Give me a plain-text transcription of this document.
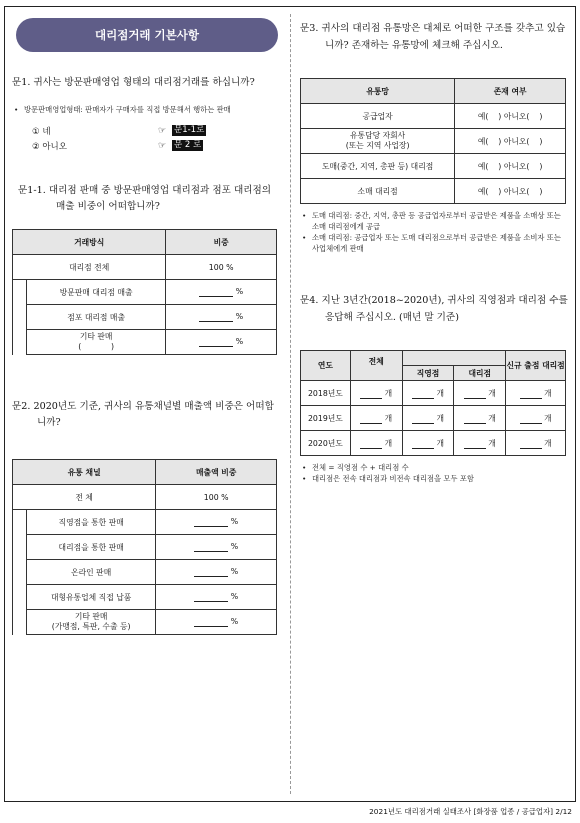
대리점거래 기본사항
문1. 귀사는 방문판매영업 형태의 대리점거래를 하십니까?
• 방문판매영업형태: 판매자가 구매자를 직접 방문해서 행하는 판매
① 네	☞ 문1-1로
② 아니오	☞ 문 2 로
문1-1. 대리점 판매 중 방문판매영업 대리점과 점포 대리점의 매출 비중이 어떠합니까?
거래방식		비중
대리점 전체		100 %
	방문판매 대리점 매출	%
	점포 대리점 매출	%
	기타 판매
(            )	%
문2. 2020년도 기준, 귀사의 유통채널별 매출액 비중은 어떠합니까?
유통 채널		매출액 비중
전 체		100 %
	직영점을 통한 판매	%
	대리점을 통한 판매	%
	온라인 판매	%
	대형유통업체 직접 납품	%
	기타 판매
(가맹점, 특판, 수출 등)	%
문3. 귀사의 대리점 유통망은 대체로 어떠한 구조를 갖추고 있습니까? 존재하는 유통망에 체크해 주십시오.
유통망	존재 여부
공급업자	예(    ) 아니오(    )
유통담당 자회사
(또는 지역 사업장)	예(    ) 아니오(    )
도매(중간, 지역, 총판 등) 대리점	예(    ) 아니오(    )
소매 대리점	예(    ) 아니오(    )
• 도매 대리점: 중간, 지역, 총판 등 공급업자로부터 공급받은 제품을 소매상 또는 소매 대리점에게 공급
• 소매 대리점: 공급업자 또는 도매 대리점으로부터 공급받은 제품을 소비자 또는 사업체에게 판매
문4. 지난 3년간(2018~2020년), 귀사의 직영점과 대리점 수를 응답해 주십시오. (매년 말 기준)
연도	전체			신규 출점 대리점
		직영점	대리점	
2018년도	개	개	개	개
2019년도	개	개	개	개
2020년도	개	개	개	개
• 전체 = 직영점 수 + 대리점 수
• 대리점은 전속 대리점과 비전속 대리점을 모두 포함
2021년도 대리점거래 실태조사 [화장품 업종 / 공급업자] 2/12
